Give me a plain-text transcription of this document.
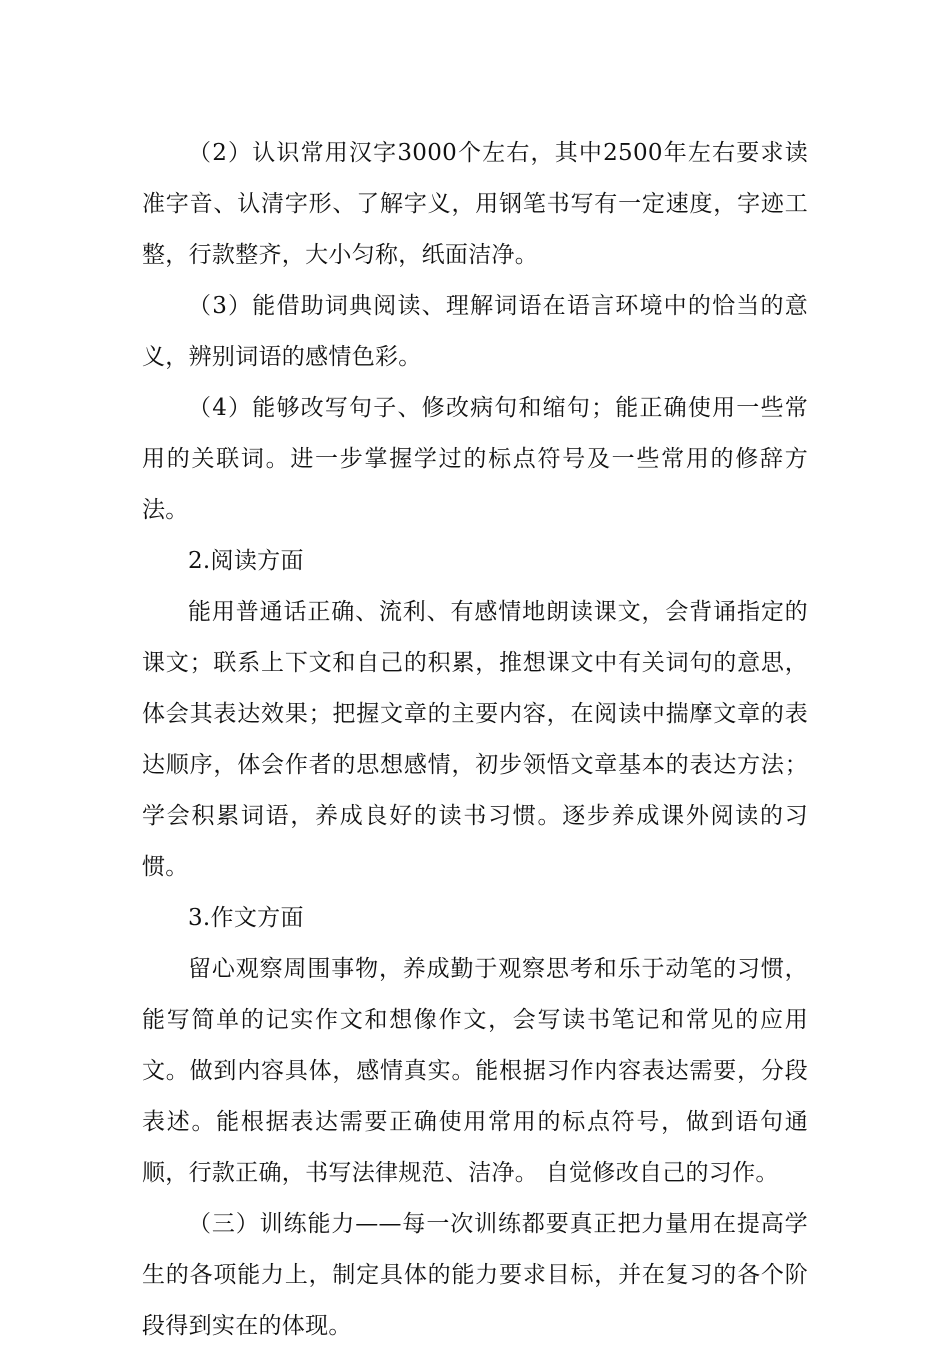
（2）认识常用汉字3000个左右，其中2500年左右要求读准字音、认清字形、了解字义，用钢笔书写有一定速度，字迹工整，行款整齐，大小匀称，纸面洁净。

（3）能借助词典阅读、理解词语在语言环境中的恰当的意义，辨别词语的感情色彩。

（4）能够改写句子、修改病句和缩句；能正确使用一些常用的关联词。进一步掌握学过的标点符号及一些常用的修辞方法。

2.阅读方面

能用普通话正确、流利、有感情地朗读课文，会背诵指定的课文；联系上下文和自己的积累，推想课文中有关词句的意思，体会其表达效果；把握文章的主要内容，在阅读中揣摩文章的表达顺序，体会作者的思想感情，初步领悟文章基本的表达方法；学会积累词语，养成良好的读书习惯。逐步养成课外阅读的习惯。

3.作文方面

留心观察周围事物，养成勤于观察思考和乐于动笔的习惯，能写简单的记实作文和想像作文，会写读书笔记和常见的应用文。做到内容具体，感情真实。能根据习作内容表达需要，分段表述。能根据表达需要正确使用常用的标点符号，做到语句通顺，行款正确，书写法律规范、洁净。 自觉修改自己的习作。

（三）训练能力——每一次训练都要真正把力量用在提高学生的各项能力上，制定具体的能力要求目标，并在复习的各个阶段得到实在的体现。
